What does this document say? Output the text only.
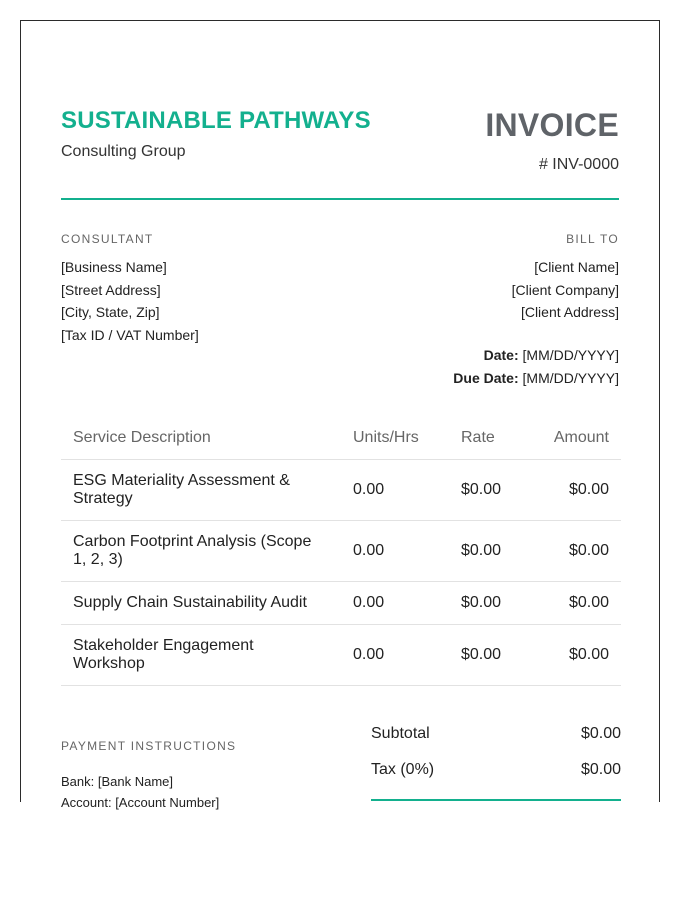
SUSTAINABLE PATHWAYS
Consulting Group
INVOICE
# INV-0000
CONSULTANT
[Business Name]
[Street Address]
[City, State, Zip]
[Tax ID / VAT Number]
BILL TO
[Client Name]
[Client Company]
[Client Address]
Date: [MM/DD/YYYY]
Due Date: [MM/DD/YYYY]
Service Description	Units/Hrs	Rate	Amount
ESG Materiality Assessment & Strategy	0.00	$0.00	$0.00
Carbon Footprint Analysis (Scope 1, 2, 3)	0.00	$0.00	$0.00
Supply Chain Sustainability Audit	0.00	$0.00	$0.00
Stakeholder Engagement Workshop	0.00	$0.00	$0.00
PAYMENT INSTRUCTIONS
Bank: [Bank Name]
Account: [Account Number]
Subtotal	$0.00
Tax (0%)	$0.00
